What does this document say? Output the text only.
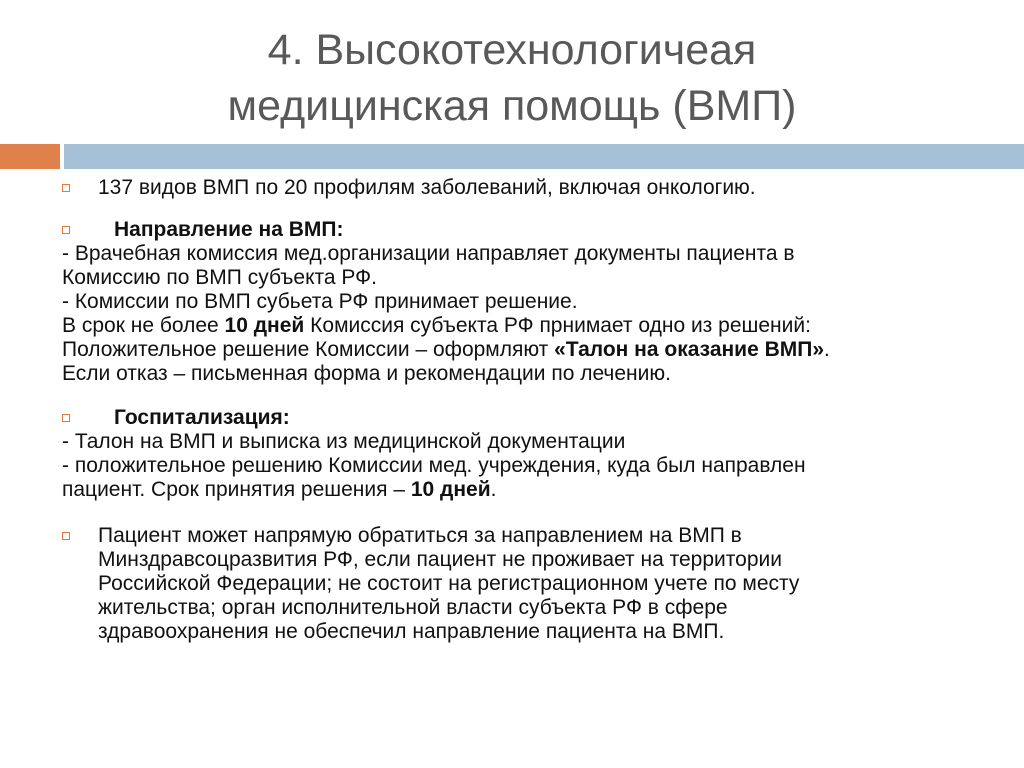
4. Высокотехнологичеая
медицинская помощь (ВМП)
137 видов ВМП по 20 профилям заболеваний, включая онкологию.
Направление на ВМП:
- Врачебная комиссия мед.организации направляет документы пациента в
Комиссию по ВМП субъекта РФ.
- Комиссии по ВМП субьета РФ принимает решение.
В срок не более 10 дней Комиссия субъекта РФ прнимает одно из решений:
Положительное решение Комиссии – оформляют «Талон на оказание ВМП».
Если отказ – письменная форма и рекомендации по лечению.
Госпитализация:
- Талон на ВМП и выписка из медицинской документации
- положительное решению Комиссии мед. учреждения, куда был направлен
пациент. Срок принятия решения – 10 дней.
Пациент может напрямую обратиться за направлением на ВМП в
Минздравсоцразвития РФ, если пациент не проживает на территории
Российской Федерации; не состоит на регистрационном учете по месту
жительства; орган исполнительной власти субъекта РФ в сфере
здравоохранения не обеспечил направление пациента на ВМП.
